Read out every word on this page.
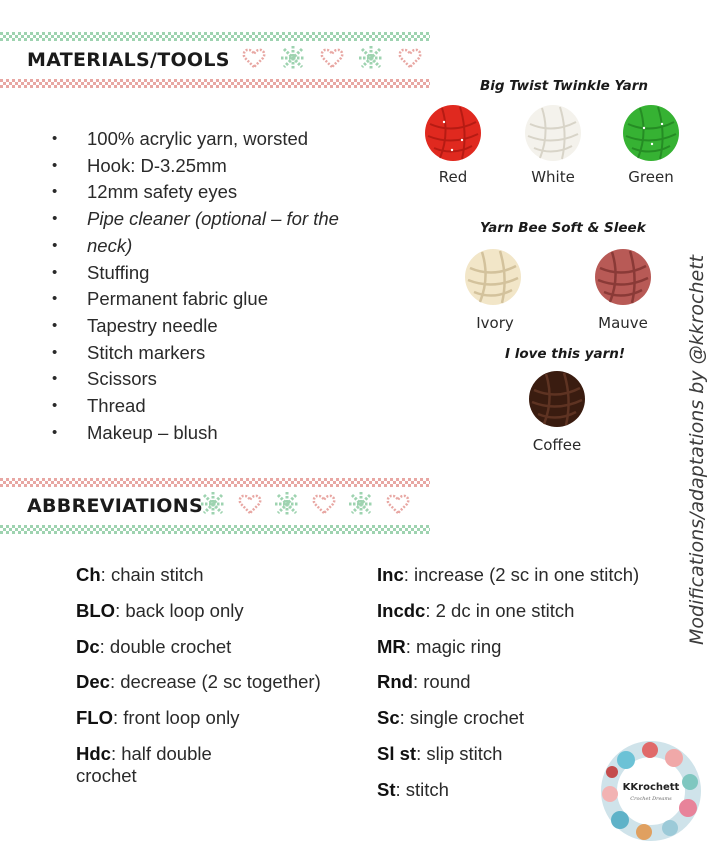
MATERIALS/TOOLS
• 100% acrylic yarn, worsted
• Hook: D-3.25mm
• 12mm safety eyes
• Pipe cleaner (optional – for the
• neck)
• Stuffing
• Permanent fabric glue
• Tapestry needle
• Stitch markers
• Scissors
• Thread
• Makeup – blush
Big Twist Twinkle Yarn
Red	White	Green
Yarn Bee Soft & Sleek
Ivory	Mauve
I love this yarn!
Coffee	Modifications/adaptations by @kkrochett
ABBREVIATIONS
Ch: chain stitch
BLO: back loop only
Dc: double crochet
Dec: decrease (2 sc together)
FLO: front loop only
Hdc: half double
crochet
Inc: increase (2 sc in one stitch)
Incdc: 2 dc in one stitch
MR: magic ring
Rnd: round
Sc: single crochet
Sl st: slip stitch
St: stitch	KKrochett
Crochet Dreams
